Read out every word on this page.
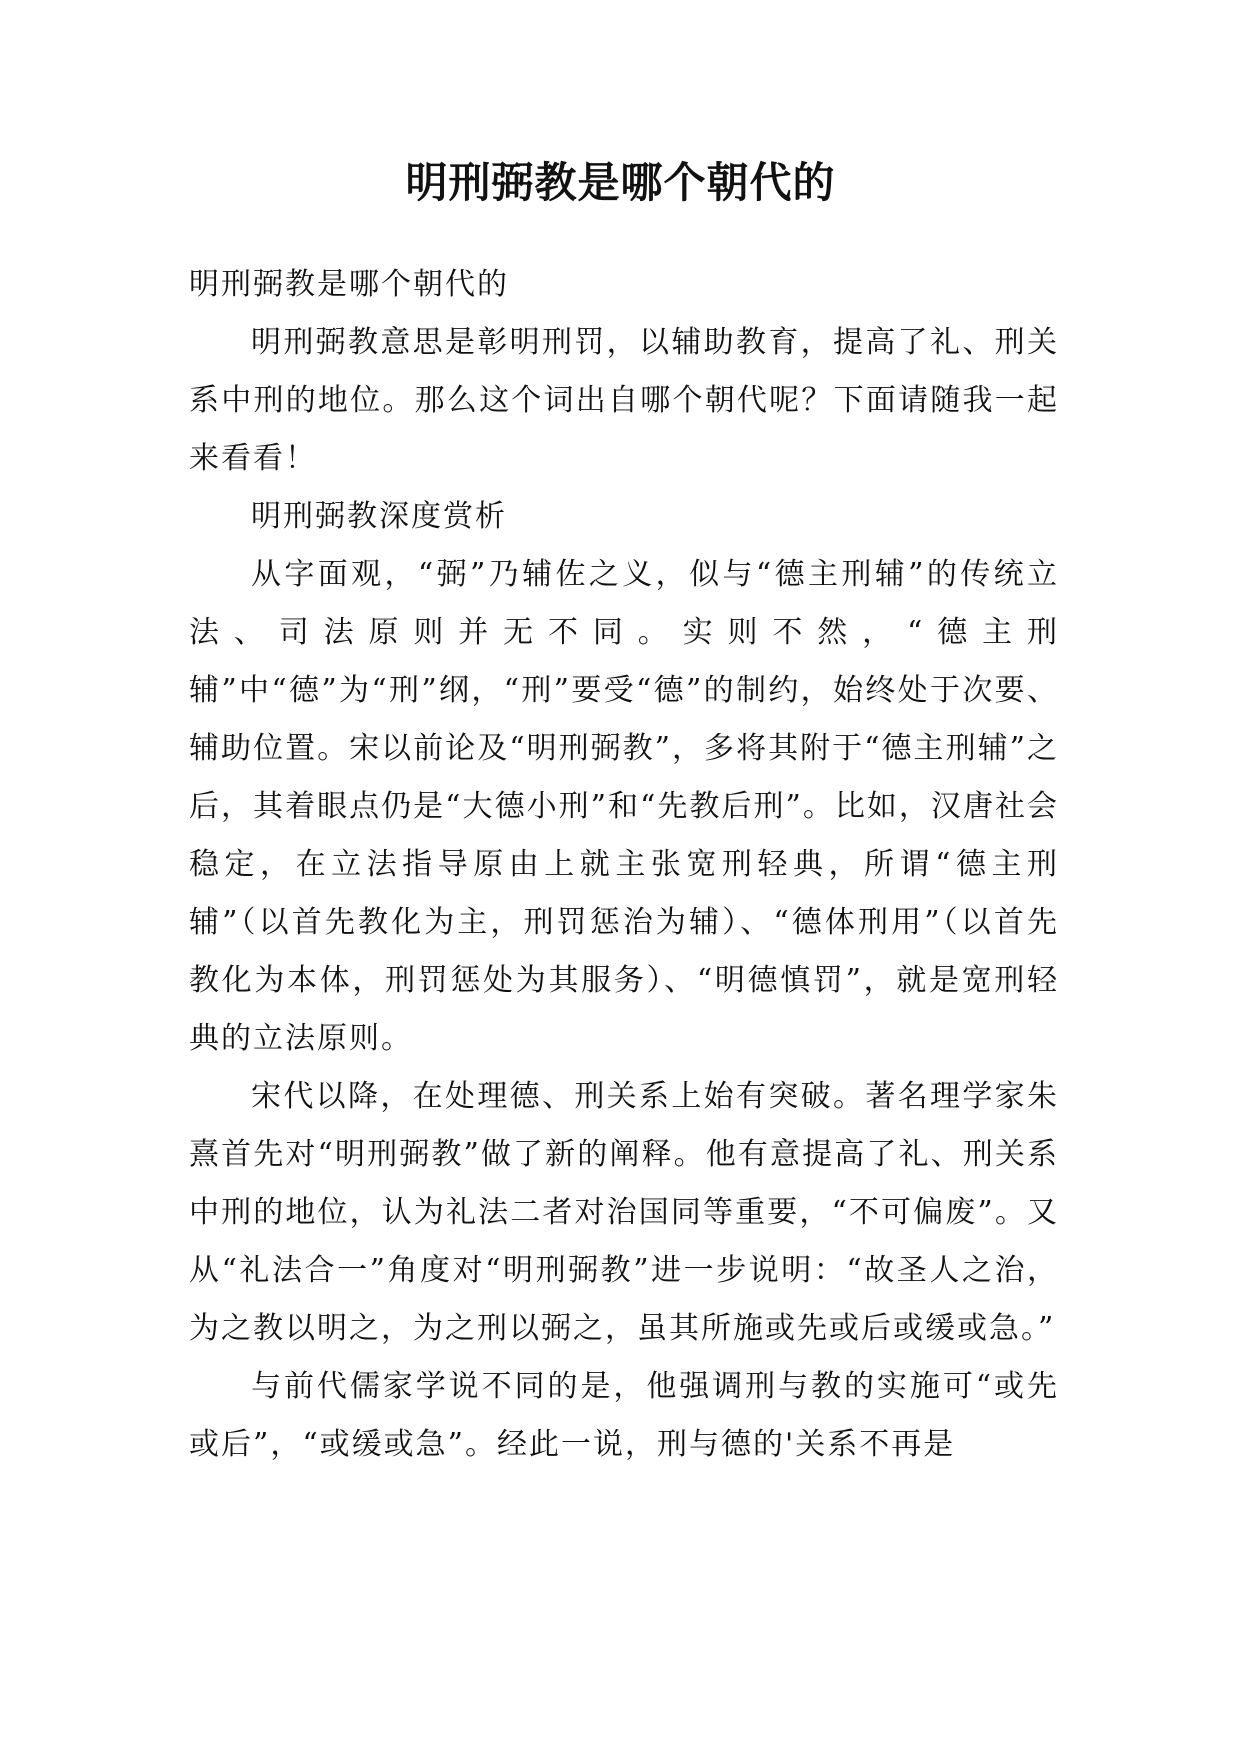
明刑弼教是哪个朝代的

明刑弼教是哪个朝代的

明刑弼教意思是彰明刑罚，以辅助教育，提高了礼、刑关系中刑的地位。那么这个词出自哪个朝代呢？下面请随我一起来看看！

明刑弼教深度赏析

从字面观，“弼”乃辅佐之义，似与“德主刑辅”的传统立法、司法原则并无不同。实则不然，“德主刑辅”中“德”为“刑”纲，“刑”要受“德”的制约，始终处于次要、辅助位置。宋以前论及“明刑弼教”，多将其附于“德主刑辅”之后，其着眼点仍是“大德小刑”和“先教后刑”。比如，汉唐社会稳定，在立法指导原由上就主张宽刑轻典，所谓“德主刑辅”（以首先教化为主，刑罚惩治为辅）、“德体刑用”（以首先教化为本体，刑罚惩处为其服务）、“明德慎罚”，就是宽刑轻典的立法原则。

宋代以降，在处理德、刑关系上始有突破。著名理学家朱熹首先对“明刑弼教”做了新的阐释。他有意提高了礼、刑关系中刑的地位，认为礼法二者对治国同等重要，“不可偏废”。又从“礼法合一”角度对“明刑弼教”进一步说明：“故圣人之治，为之教以明之，为之刑以弼之，虽其所施或先或后或缓或急。”

与前代儒家学说不同的是，他强调刑与教的实施可“或先或后”，“或缓或急”。经此一说，刑与德的'关系不再是
